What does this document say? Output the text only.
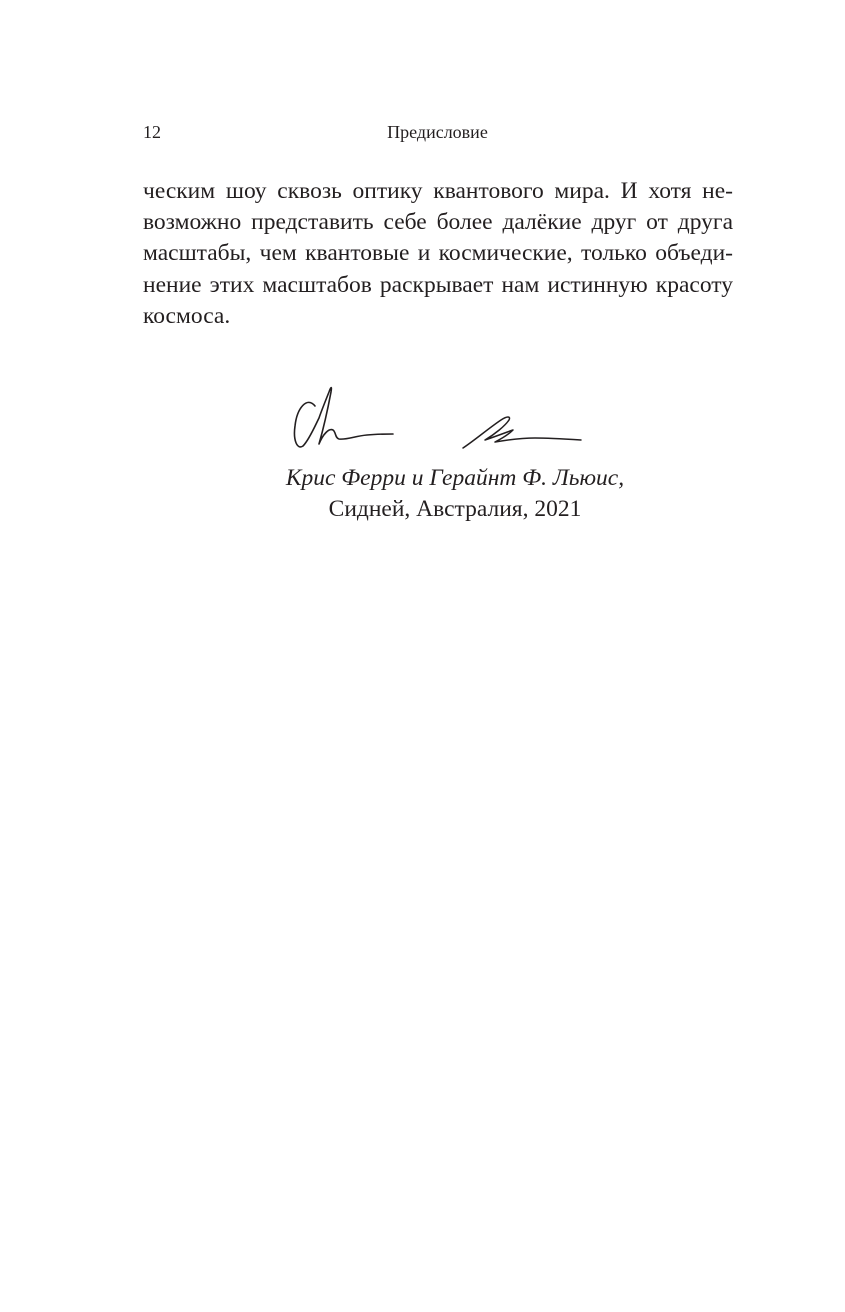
12	Предисловие
ческим шоу сквозь оптику квантового мира. И хотя не-
возможно представить себе более далёкие друг от друга
масштабы, чем квантовые и космические, только объеди-
нение этих масштабов раскрывает нам истинную красоту
космоса.
Крис Ферри и Герайнт Ф. Льюис,
Сидней, Австралия, 2021
